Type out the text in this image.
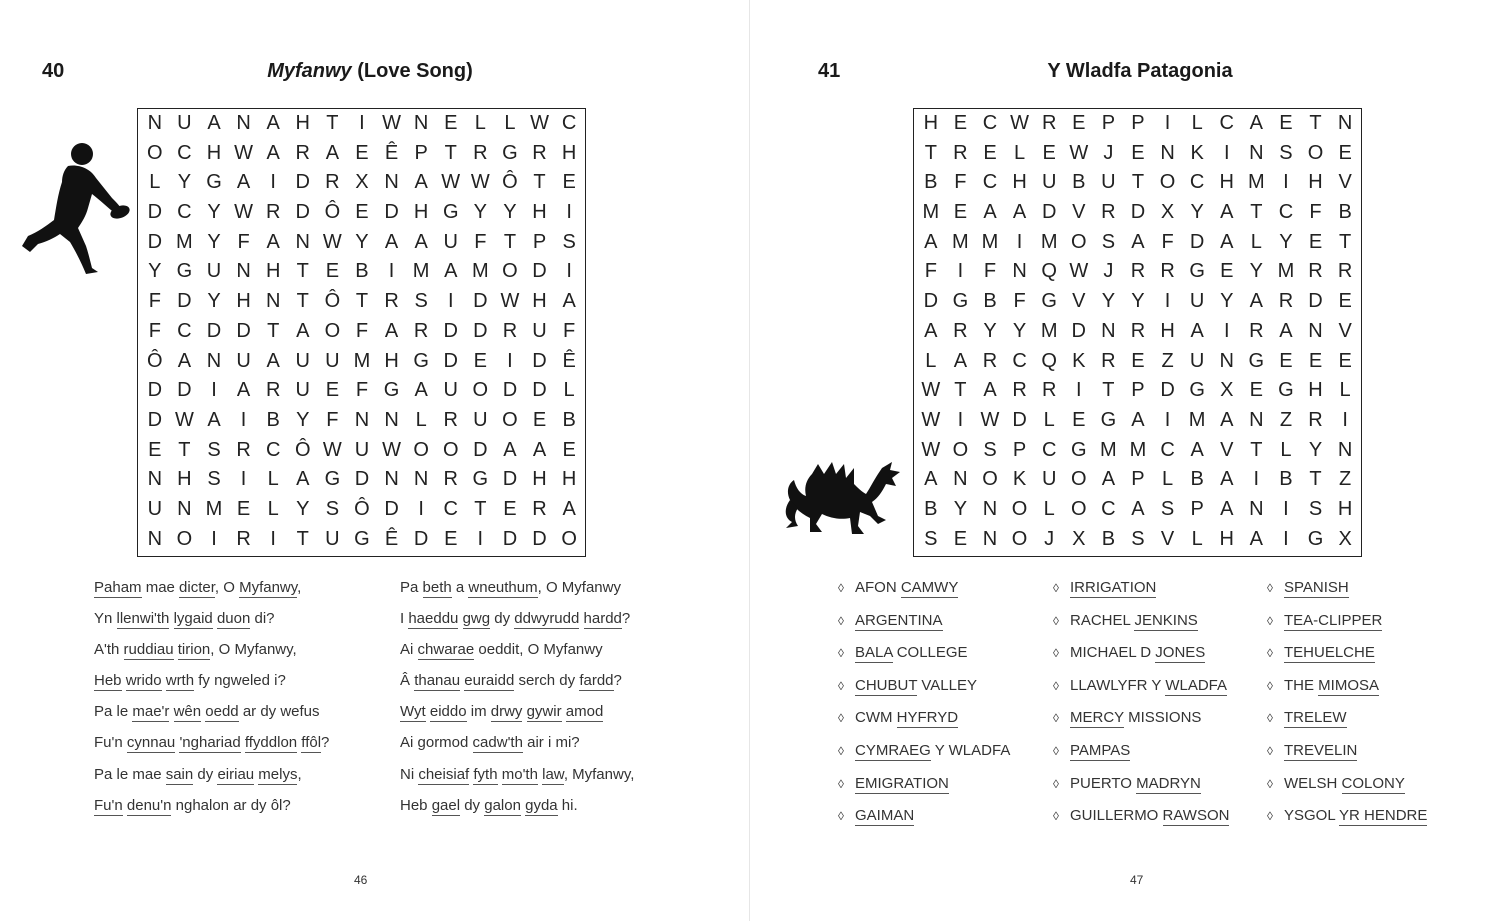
40	Myfanwy (Love Song)
N U A N A H T	I W N E L L W C
O C H W A R A E Ê P T R G R H
L Y G A	I D R X N A W W Ô T E
D C Y W R D Ô E D H G Y Y H I
D M Y F A N W Y A A U F T P S
Y G U N H T E B	I M A M O D I
F D Y H N T Ô T R S	I D W H A
F C D D T A O F A R D D R U F
Ô A N U A U U M H G D E	I D Ê
D D I	A R U E F G A U O D D L
D W A	I	B Y F N N L R U O E B
E T S R C Ô W U W O O D A A E
N H S	I	L A G D N N R G D H H
U N M E L Y S Ô D I C T E R A
N O I R I	T U G Ê D E	I D D O
Paham mae dicter, O Myfanwy,
Yn llenwi'th lygaid duon di?
A'th ruddiau tirion, O Myfanwy,
Heb wrido wrth fy ngweled i?
Pa le mae'r wên oedd ar dy wefus
Fu'n cynnau 'nghariad ffyddlon ffôl?
Pa le mae sain dy eiriau melys,
Fu'n denu'n nghalon ar dy ôl?
Pa beth a wneuthum, O Myfanwy
I haeddu gwg dy ddwyrudd hardd?
Ai chwarae oeddit, O Myfanwy
Â thanau euraidd serch dy fardd?
Wyt eiddo im drwy gywir amod
Ai gormod cadw'th air i mi?
Ni cheisiaf fyth mo'th law, Myfanwy,
Heb gael dy galon gyda hi.
46
41	Y Wladfa Patagonia
H E C W R E P P	I	L C A E T N
T R E L E W J E N K	I N S O E
B F C H U B U T O C H M I H V
M E A A D V R D X Y A T C F B
A M M I M O S A F D A L Y E T
F	I	F N Q W J R R G E Y M R R
D G B F G V Y Y	I U Y A R D E
A R Y Y M D N R H A	I R A N V
L A R C Q K R E Z U N G E E E
W T A R R I	T P D G X E G H L
W I W D L E G A	I M A N Z R I
W O S P C G M M C A V T L Y N
A N O K U O A P L B A	I	B T Z
B Y N O L O C A S P A N I	S H
S E N O J X B S V L H A	I G X
◊ AFON CAMWY
◊ ARGENTINA
◊ BALA COLLEGE
◊ CHUBUT VALLEY
◊ CWM HYFRYD
◊ CYMRAEG Y WLADFA
◊ EMIGRATION
◊ GAIMAN
◊ IRRIGATION
◊ RACHEL JENKINS
◊ MICHAEL D JONES
◊ LLAWLYFR Y WLADFA
◊ MERCY MISSIONS
◊ PAMPAS
◊ PUERTO MADRYN
◊ GUILLERMO RAWSON
◊ SPANISH
◊ TEA-CLIPPER
◊ TEHUELCHE
◊ THE MIMOSA
◊ TRELEW
◊ TREVELIN
◊ WELSH COLONY
◊ YSGOL YR HENDRE
47
